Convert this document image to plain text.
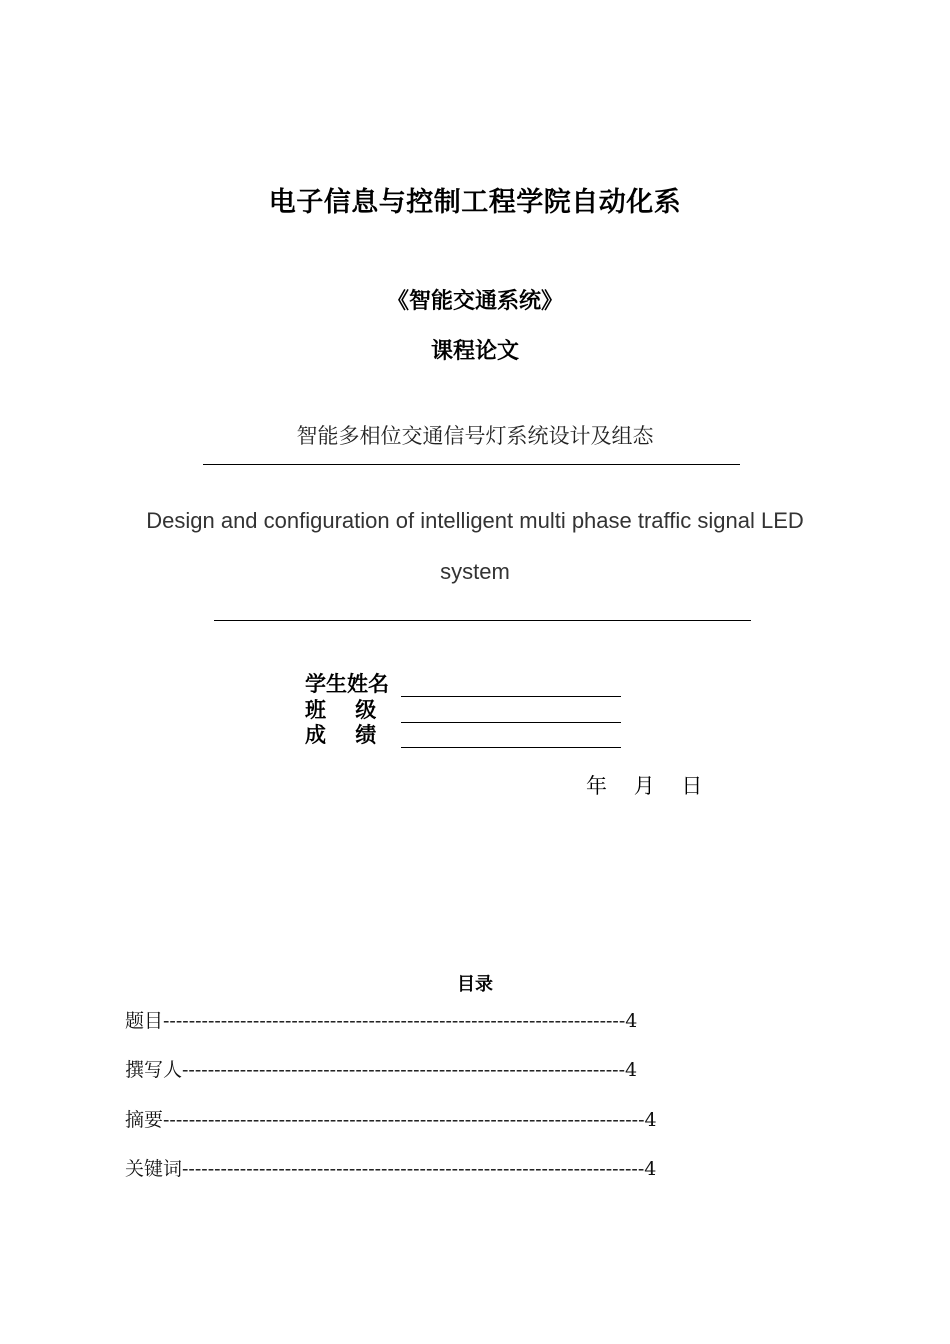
电子信息与控制工程学院自动化系
《智能交通系统》
课程论文
智能多相位交通信号灯系统设计及组态
Design and configuration of intelligent multi phase traffic signal LED
system
学生姓名
班    级
成    绩
年    月    日
目录
题目------------------------------------------------------------------------4
撰写人---------------------------------------------------------------------4
摘要---------------------------------------------------------------------------4
关键词------------------------------------------------------------------------4
